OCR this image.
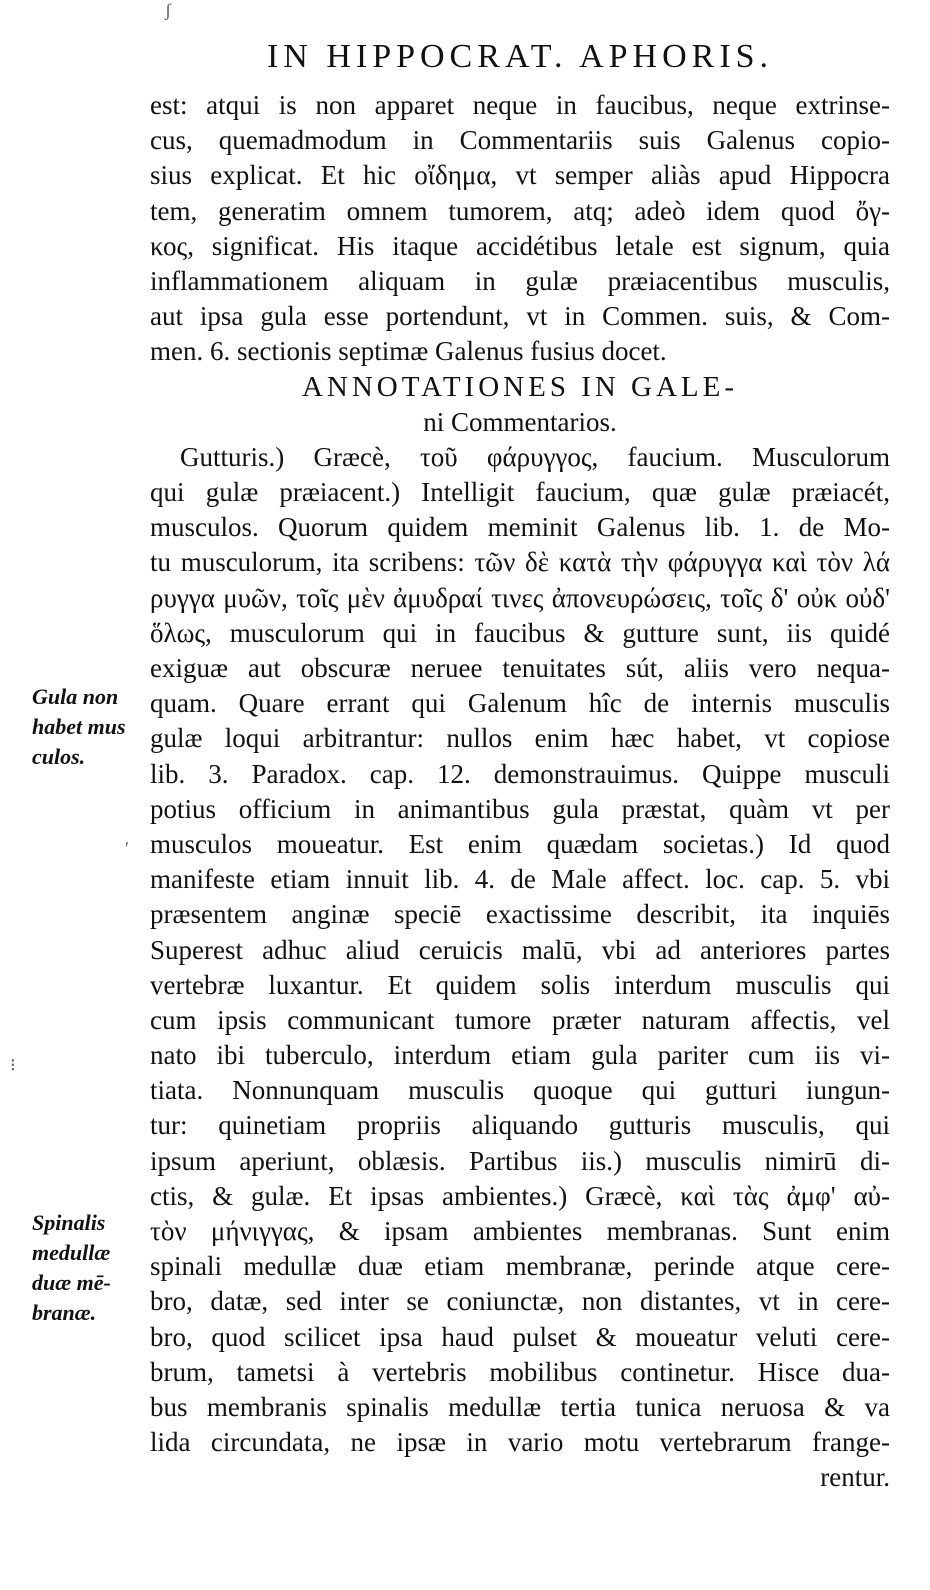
IN HIPPOCRAT. APHORIS.
est: atqui is non apparet neque in faucibus, neque extrinse-
cus, quemadmodum in Commentariis suis Galenus copio-
sius explicat. Et hic οἴδημα, vt semper aliàs apud Hippocra
tem, generatim omnem tumorem, atq; adeò idem quod ὄγ-
κος, significat. His itaque accidétibus letale est signum, quia
inflammationem aliquam in gulæ præiacentibus musculis,
aut ipsa gula esse portendunt, vt in Commen. suis, & Com-
men. 6. sectionis septimæ Galenus fusius docet.
ANNOTATIONES IN GALE-
ni Commentarios.
Gutturis.) Græcè, τοῦ φάρυγγος, faucium. Musculorum
qui gulæ præiacent.) Intelligit faucium, quæ gulæ præiacét,
musculos. Quorum quidem meminit Galenus lib. 1. de Mo-
tu musculorum, ita scribens: τῶν δὲ κατὰ τὴν φάρυγγα καὶ τὸν λά
ρυγγα μυῶν, τοῖς μὲν ἀμυδραί τινες ἀπονευρώσεις, τοῖς δ' οὐκ οὐδ'
ὅλως, musculorum qui in faucibus & gutture sunt, iis quidé
exiguæ aut obscuræ neruee tenuitates sút, aliis vero nequa-
quam. Quare errant qui Galenum hîc de internis musculis
gulæ loqui arbitrantur: nullos enim hæc habet, vt copiose
lib. 3. Paradox. cap. 12. demonstrauimus. Quippe musculi
potius officium in animantibus gula præstat, quàm vt per
musculos moueatur. Est enim quædam societas.) Id quod
manifeste etiam innuit lib. 4. de Male affect. loc. cap. 5. vbi
præsentem anginæ speciē exactissime describit, ita inquiēs
Superest adhuc aliud ceruicis malū, vbi ad anteriores partes
vertebræ luxantur. Et quidem solis interdum musculis qui
cum ipsis communicant tumore præter naturam affectis, vel
nato ibi tuberculo, interdum etiam gula pariter cum iis vi-
tiata. Nonnunquam musculis quoque qui gutturi iungun-
tur: quinetiam propriis aliquando gutturis musculis, qui
ipsum aperiunt, oblæsis. Partibus iis.) musculis nimirū di-
ctis, & gulæ. Et ipsas ambientes.) Græcè, καὶ τὰς ἀμφ' αὐ-
τὸν μήνιγγας, & ipsam ambientes membranas. Sunt enim
spinali medullæ duæ etiam membranæ, perinde atque cere-
bro, datæ, sed inter se coniunctæ, non distantes, vt in cere-
bro, quod scilicet ipsa haud pulset & moueatur veluti cere-
brum, tametsi à vertebris mobilibus continetur. Hisce dua-
bus membranis spinalis medullæ tertia tunica neruosa & va
lida circundata, ne ipsæ in vario motu vertebrarum frange-
rentur.
Gula non
habet mus
culos.
Spinalis
medullæ
duæ mē-
branæ.
ʃ
ʹ
⁝
